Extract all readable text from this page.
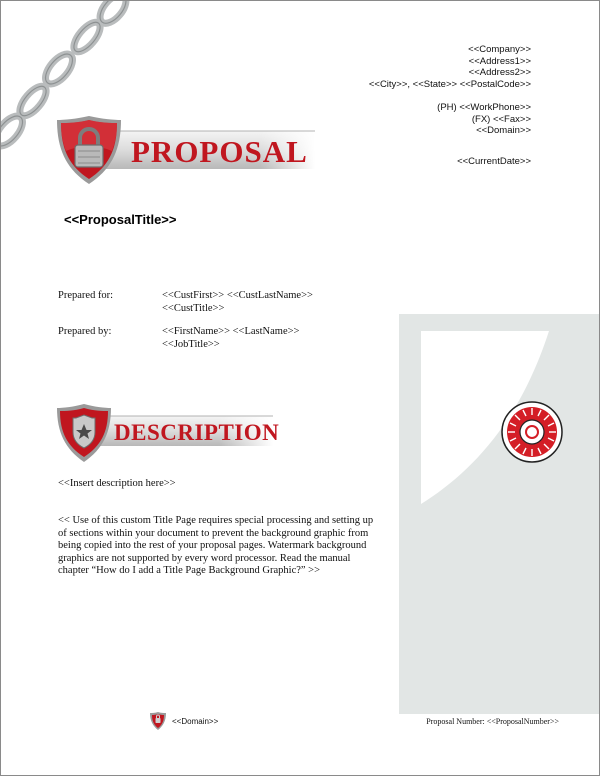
<<Company>>
<<Address1>>
<<Address2>>
<<City>>, <<State>> <<PostalCode>>
(PH) <<WorkPhone>>
(FX) <<Fax>>
<<Domain>>
<<CurrentDate>>
PROPOSAL
<<ProposalTitle>>
Prepared for:	<<CustFirst>> <<CustLastName>>
<<CustTitle>>
Prepared by:	<<FirstName>> <<LastName>>
<<JobTitle>>
DESCRIPTION
<<Insert description here>>
<< Use of this custom Title Page requires special processing and setting up of sections within your document to prevent the background graphic from being copied into the rest of your proposal pages. Watermark background graphics are not supported by every word processor. Read the manual chapter “How do I add a Title Page Background Graphic?” >>
<<Domain>>	Proposal Number: <<ProposalNumber>>
